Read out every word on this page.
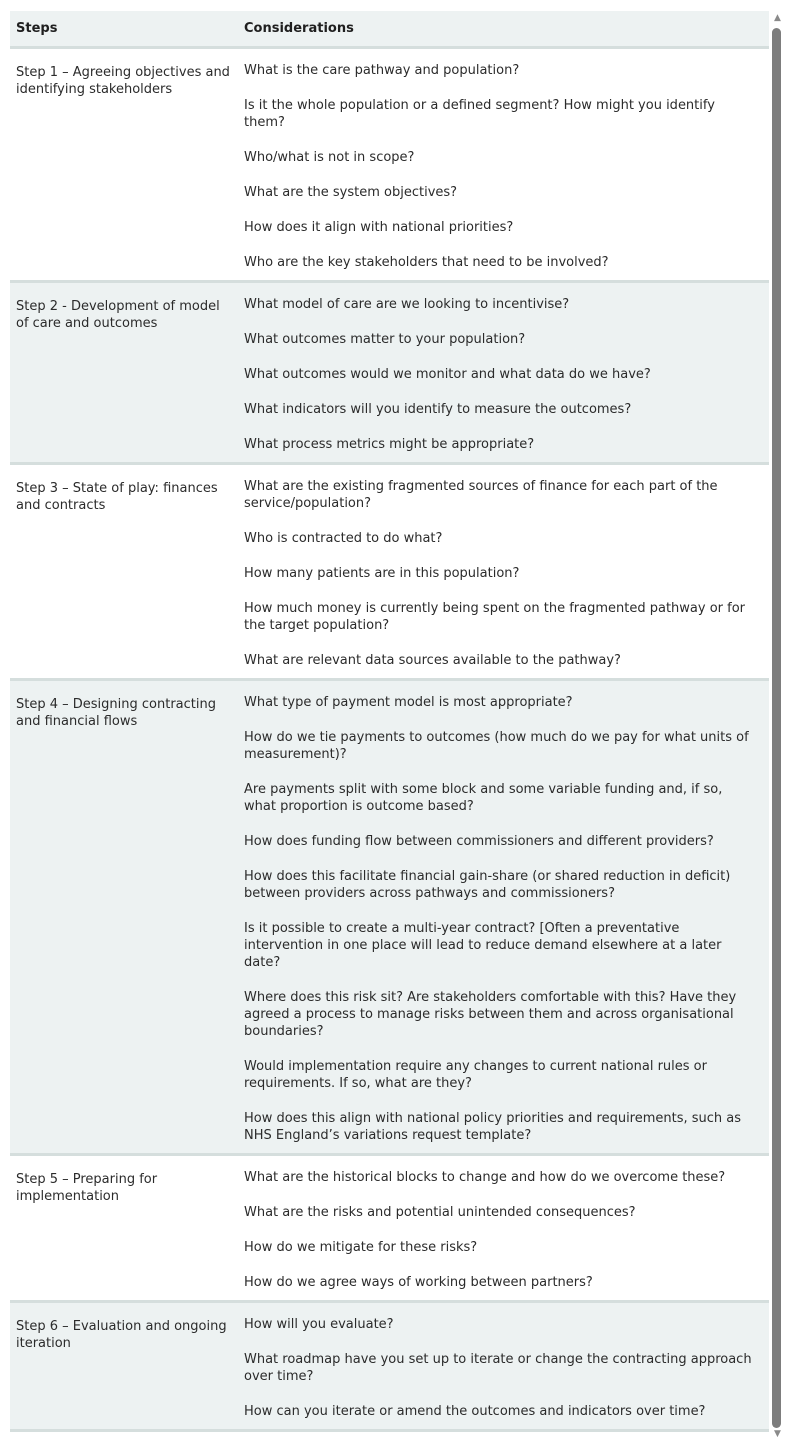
Steps	Considerations
Step 1 – Agreeing objectives and identifying stakeholders
What is the care pathway and population?
Is it the whole population or a defined segment? How might you identify them?
Who/what is not in scope?
What are the system objectives?
How does it align with national priorities?
Who are the key stakeholders that need to be involved?
Step 2 - Development of model of care and outcomes
What model of care are we looking to incentivise?
What outcomes matter to your population?
What outcomes would we monitor and what data do we have?
What indicators will you identify to measure the outcomes?
What process metrics might be appropriate?
Step 3 – State of play: finances and contracts
What are the existing fragmented sources of finance for each part of the service/population?
Who is contracted to do what?
How many patients are in this population?
How much money is currently being spent on the fragmented pathway or for the target population?
What are relevant data sources available to the pathway?
Step 4 – Designing contracting and financial flows
What type of payment model is most appropriate?
How do we tie payments to outcomes (how much do we pay for what units of measurement)?
Are payments split with some block and some variable funding and, if so, what proportion is outcome based?
How does funding flow between commissioners and different providers?
How does this facilitate financial gain-share (or shared reduction in deficit) between providers across pathways and commissioners?
Is it possible to create a multi-year contract? [Often a preventative intervention in one place will lead to reduce demand elsewhere at a later date?
Where does this risk sit? Are stakeholders comfortable with this? Have they agreed a process to manage risks between them and across organisational boundaries?
Would implementation require any changes to current national rules or requirements. If so, what are they?
How does this align with national policy priorities and requirements, such as NHS England’s variations request template?
Step 5 – Preparing for implementation
What are the historical blocks to change and how do we overcome these?
What are the risks and potential unintended consequences?
How do we mitigate for these risks?
How do we agree ways of working between partners?
Step 6 – Evaluation and ongoing iteration
How will you evaluate?
What roadmap have you set up to iterate or change the contracting approach over time?
How can you iterate or amend the outcomes and indicators over time?
▲
▼
